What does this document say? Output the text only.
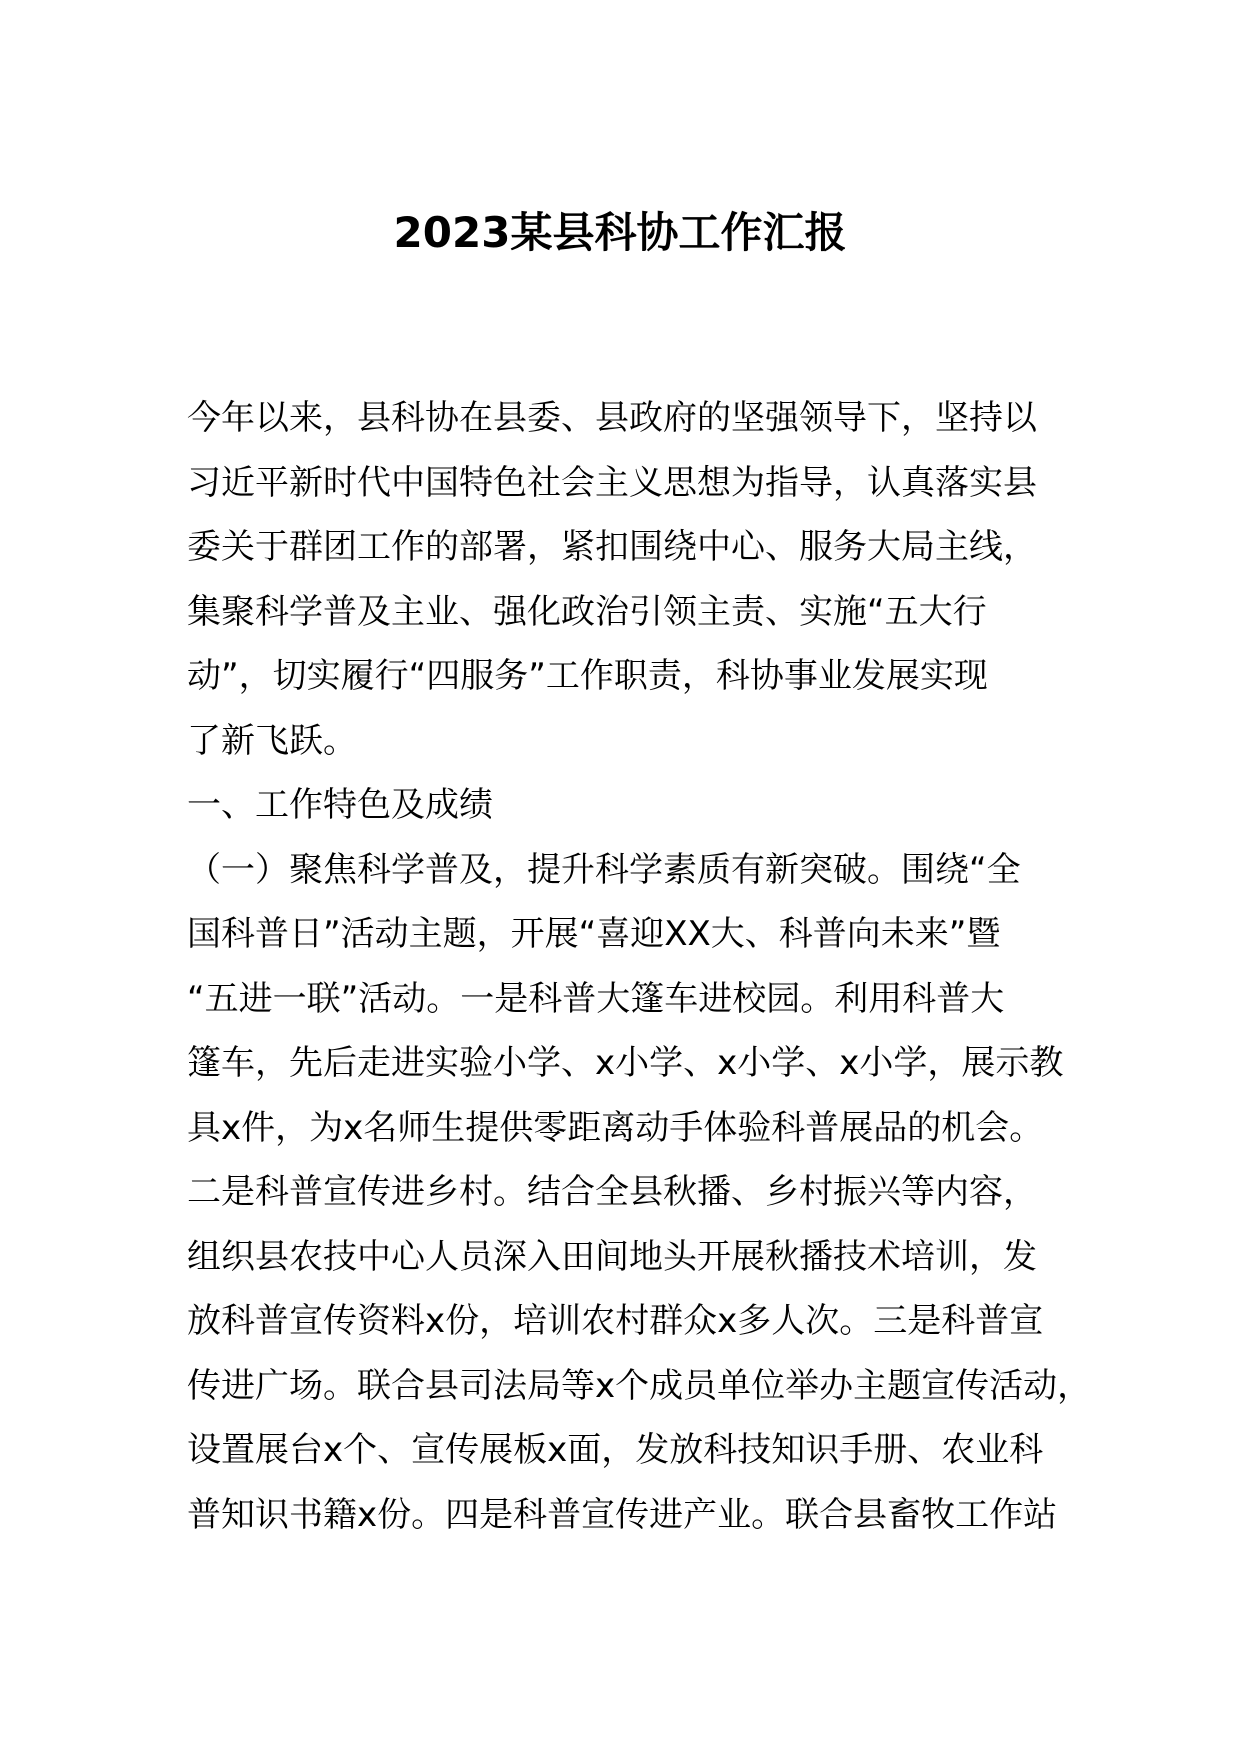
2023某县科协工作汇报
今年以来，县科协在县委、县政府的坚强领导下，坚持以
习近平新时代中国特色社会主义思想为指导，认真落实县
委关于群团工作的部署，紧扣围绕中心、服务大局主线，
集聚科学普及主业、强化政治引领主责、实施“五大行
动”，切实履行“四服务”工作职责，科协事业发展实现
了新飞跃。
一、工作特色及成绩
（一）聚焦科学普及，提升科学素质有新突破。围绕“全
国科普日”活动主题，开展“喜迎XX大、科普向未来”暨
“五进一联”活动。一是科普大篷车进校园。利用科普大
篷车，先后走进实验小学、x小学、x小学、x小学，展示教
具x件，为x名师生提供零距离动手体验科普展品的机会。
二是科普宣传进乡村。结合全县秋播、乡村振兴等内容，
组织县农技中心人员深入田间地头开展秋播技术培训，发
放科普宣传资料x份，培训农村群众x多人次。三是科普宣
传进广场。联合县司法局等x个成员单位举办主题宣传活动，
设置展台x个、宣传展板x面，发放科技知识手册、农业科
普知识书籍x份。四是科普宣传进产业。联合县畜牧工作站
